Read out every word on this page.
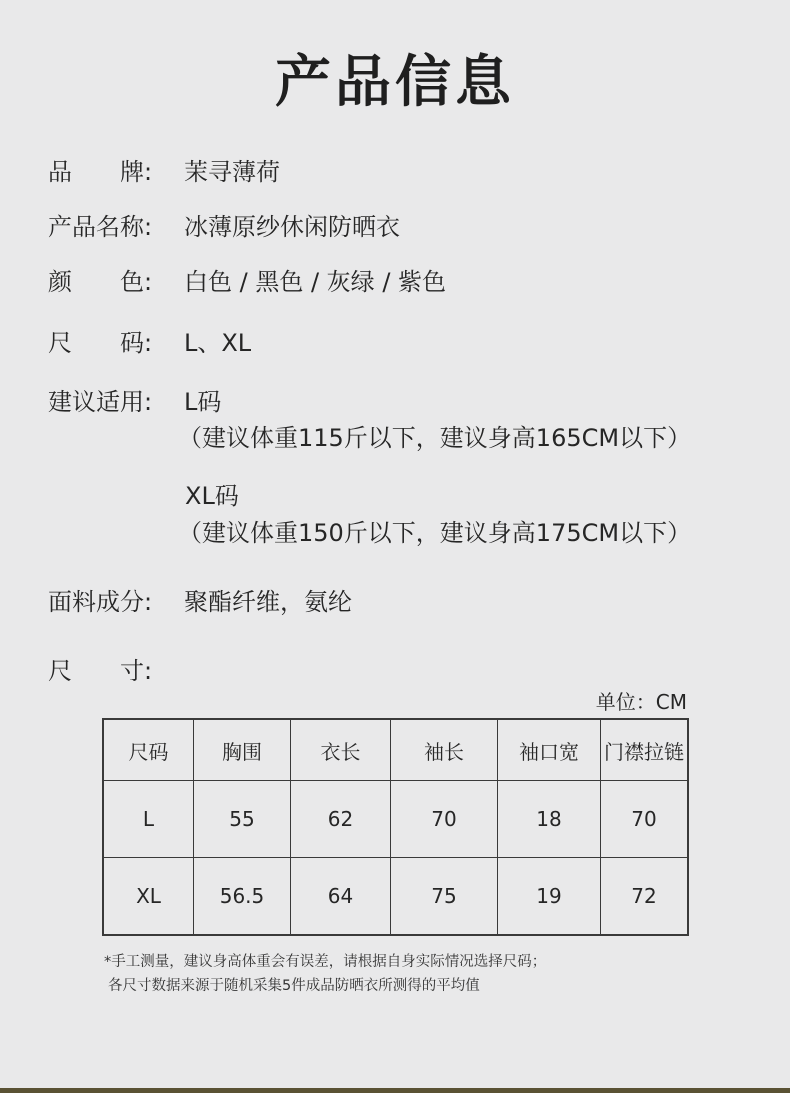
产品信息
品　　牌: 茉寻薄荷
产品名称: 冰薄原纱休闲防晒衣
颜　　色: 白色 / 黑色 / 灰绿 / 紫色
尺　　码: L、XL
建议适用: L码
（建议体重115斤以下，建议身高165CM以下）
XL码
（建议体重150斤以下，建议身高175CM以下）
面料成分: 聚酯纤维，氨纶
尺　　寸:
单位：CM
尺码	胸围	衣长	袖长	袖口宽	门襟拉链
L	55	62	70	18	70
XL	56.5	64	75	19	72
*手工测量，建议身高体重会有误差，请根据自身实际情况选择尺码；
各尺寸数据来源于随机采集5件成品防晒衣所测得的平均值
